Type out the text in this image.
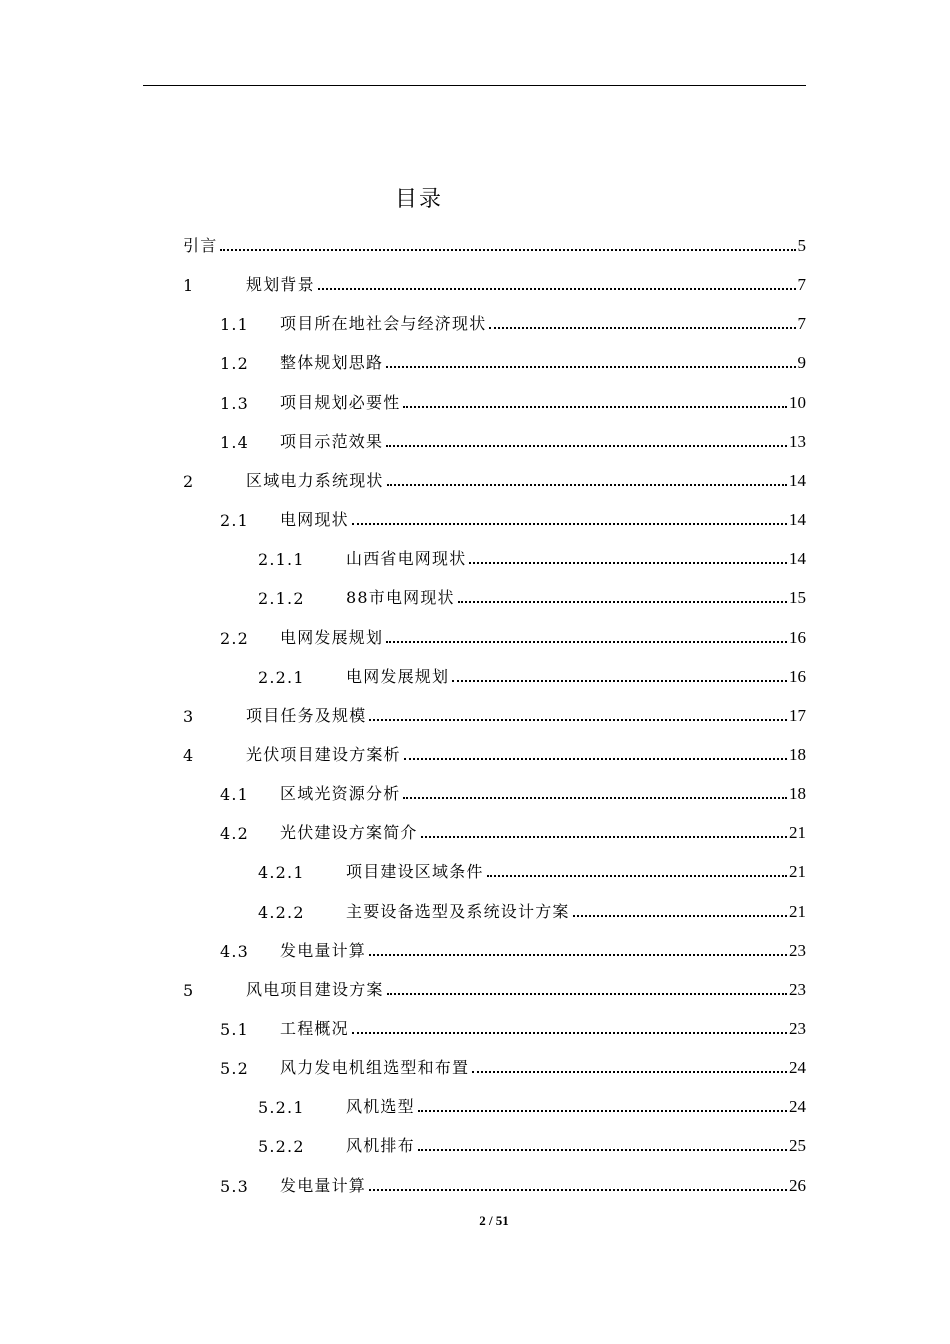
目录
引言	5
1	规划背景	7
1.1	项目所在地社会与经济现状	7
1.2	整体规划思路	9
1.3	项目规划必要性	10
1.4	项目示范效果	13
2	区域电力系统现状	14
2.1	电网现状	14
2.1.1	山西省电网现状	14
2.1.2	88市电网现状	15
2.2	电网发展规划	16
2.2.1	电网发展规划	16
3	项目任务及规模	17
4	光伏项目建设方案析	18
4.1	区域光资源分析	18
4.2	光伏建设方案简介	21
4.2.1	项目建设区域条件	21
4.2.2	主要设备选型及系统设计方案	21
4.3	发电量计算	23
5	风电项目建设方案	23
5.1	工程概况	23
5.2	风力发电机组选型和布置	24
5.2.1	风机选型	24
5.2.2	风机排布	25
5.3	发电量计算	26
2 / 51
